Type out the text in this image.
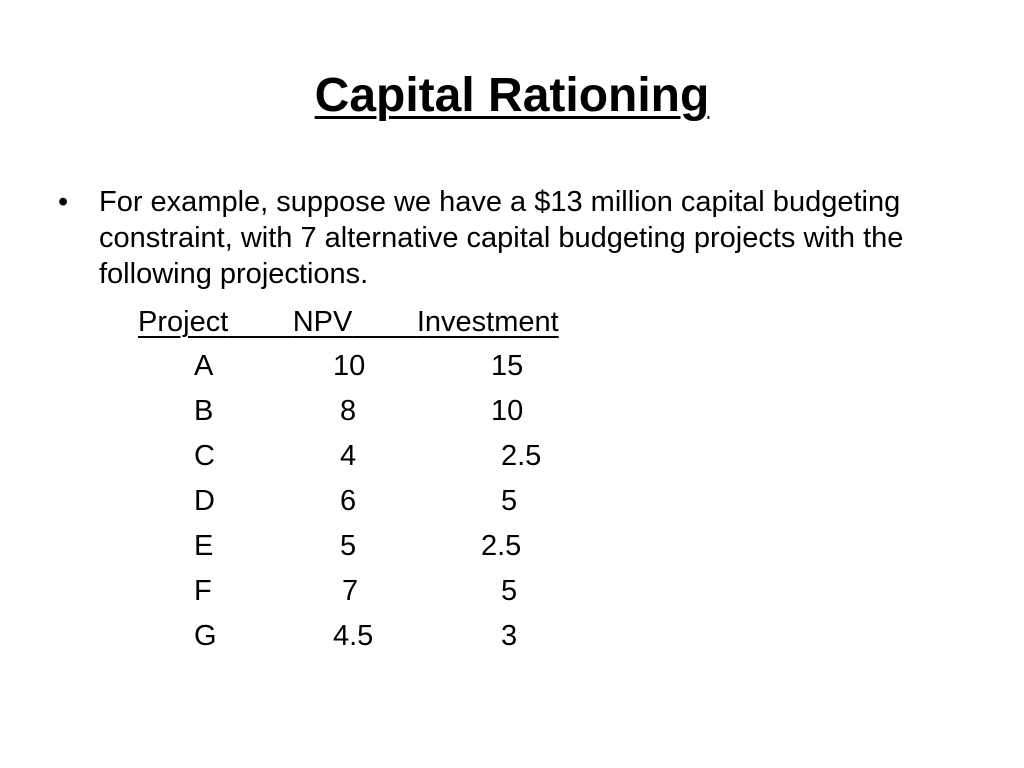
Capital Rationing
•	For example, suppose we have a $13 million capital budgeting constraint, with 7 alternative capital budgeting projects with the following projections.
Project NPV Investment
A	10	15
B	8	10
C	4	2.5
D	6	5
E	5	2.5
F	7	5
G	4.5	3
